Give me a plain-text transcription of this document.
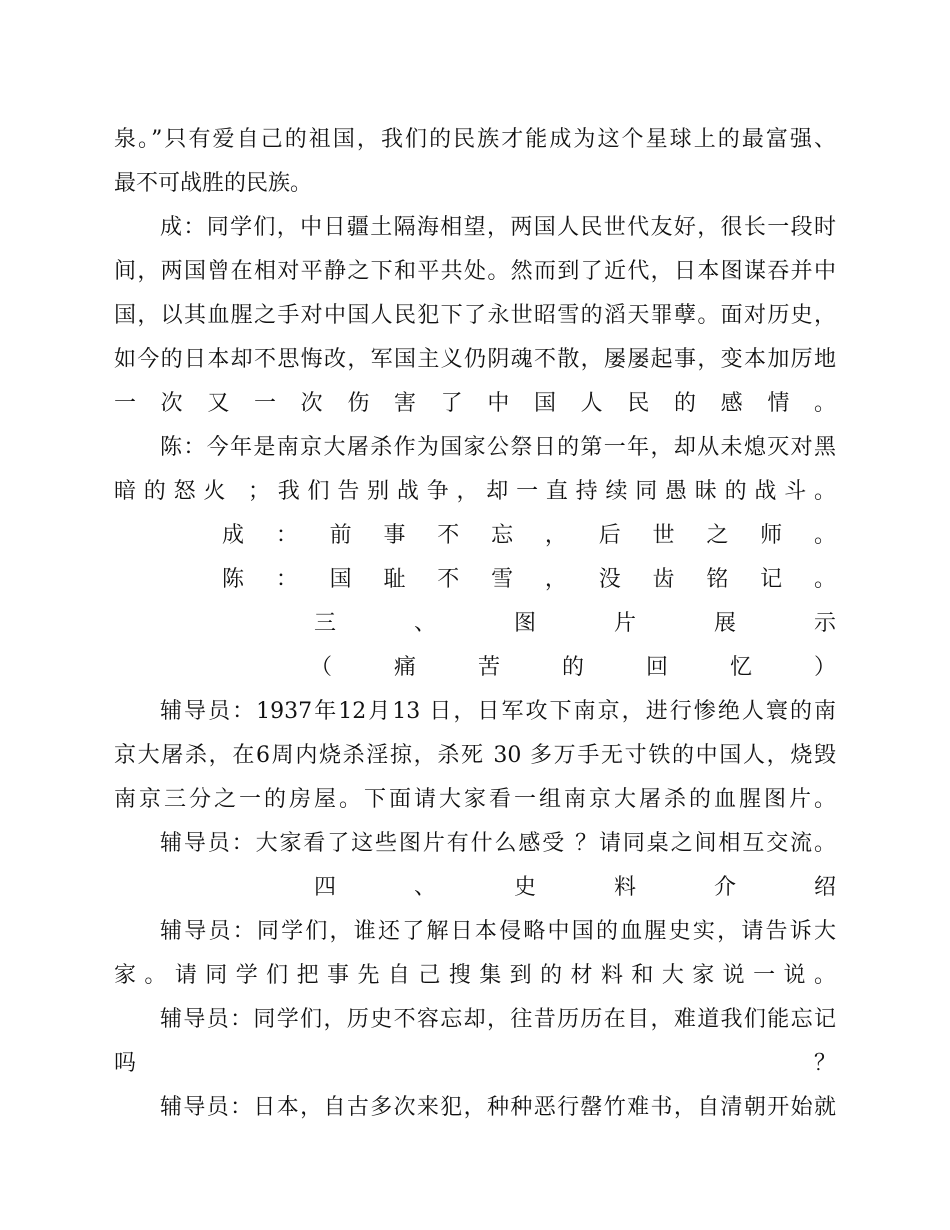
泉。”只有爱自己的祖国，我们的民族才能成为这个星球上的最富强、
最不可战胜的民族。
成：同学们，中日疆土隔海相望，两国人民世代友好，很长一段时
间，两国曾在相对平静之下和平共处。然而到了近代，日本图谋吞并中
国，以其血腥之手对中国人民犯下了永世昭雪的滔天罪孽。面对历史，
如今的日本却不思悔改，军国主义仍阴魂不散，屡屡起事，变本加厉地
一次又一次伤害了中国人民的感情。
陈：今年是南京大屠杀作为国家公祭日的第一年，却从未熄灭对黑
暗的怒火 ；我们告别战争，却一直持续同愚昧的战斗。
成：前事不忘，后世之师。
陈：国耻不雪，没齿铭记。
三、图片展示
（痛苦的回忆）
辅导员：1937年12月13 日，日军攻下南京，进行惨绝人寰的南
京大屠杀，在6周内烧杀淫掠，杀死 30 多万手无寸铁的中国人，烧毁
南京三分之一的房屋。下面请大家看一组南京大屠杀的血腥图片。
辅导员：大家看了这些图片有什么感受 ？请同桌之间相互交流。
四、史料介绍
辅导员：同学们，谁还了解日本侵略中国的血腥史实，请告诉大
家。请同学们把事先自己搜集到的材料和大家说一说。
辅导员：同学们，历史不容忘却，往昔历历在目，难道我们能忘记
吗	？
辅导员：日本，自古多次来犯，种种恶行罄竹难书，自清朝开始就
